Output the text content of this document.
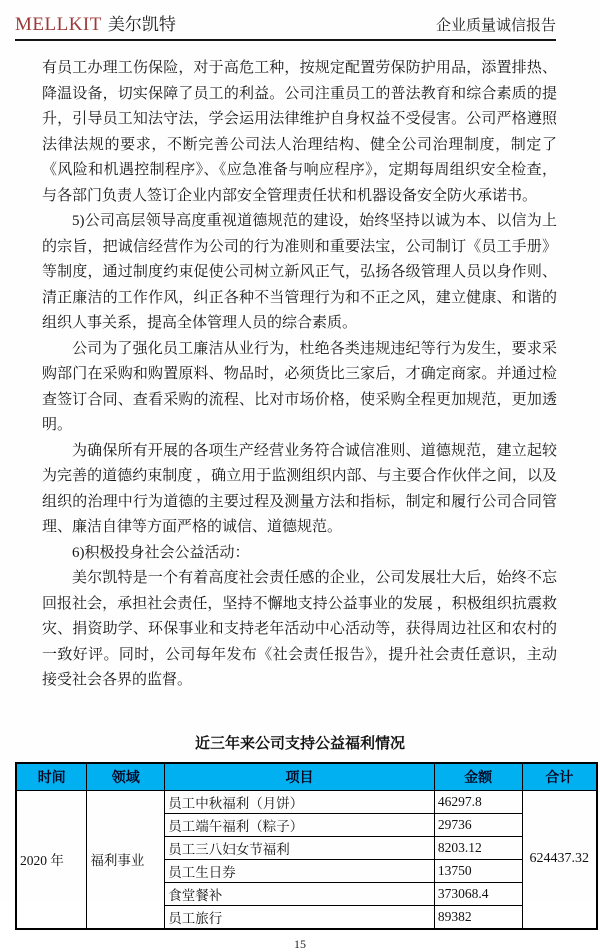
MELLKIT 美尔凯特	企业质量诚信报告

有员工办理工伤保险，对于高危工种，按规定配置劳保防护用品，添置排热、降温设备，切实保障了员工的利益。公司注重员工的普法教育和综合素质的提升，引导员工知法守法，学会运用法律维护自身权益不受侵害。公司严格遵照法律法规的要求，不断完善公司法人治理结构、健全公司治理制度，制定了《风险和机遇控制程序》、《应急准备与响应程序》，定期每周组织安全检查，与各部门负责人签订企业内部安全管理责任状和机器设备安全防火承诺书。

5)公司高层领导高度重视道德规范的建设，始终坚持以诚为本、以信为上的宗旨，把诚信经营作为公司的行为准则和重要法宝，公司制订《员工手册》等制度，通过制度约束促使公司树立新风正气，弘扬各级管理人员以身作则、清正廉洁的工作作风，纠正各种不当管理行为和不正之风，建立健康、和谐的组织人事关系，提高全体管理人员的综合素质。

公司为了强化员工廉洁从业行为，杜绝各类违规违纪等行为发生，要求采购部门在采购和购置原料、物品时，必须货比三家后，才确定商家。并通过检查签订合同、查看采购的流程、比对市场价格，使采购全程更加规范，更加透明。

为确保所有开展的各项生产经营业务符合诚信准则、道德规范，建立起较为完善的道德约束制度 ，确立用于监测组织内部、与主要合作伙伴之间，以及组织的治理中行为道德的主要过程及测量方法和指标，制定和履行公司合同管理、廉洁自律等方面严格的诚信、道德规范。

6)积极投身社会公益活动：

美尔凯特是一个有着高度社会责任感的企业，公司发展壮大后，始终不忘回报社会，承担社会责任，坚持不懈地支持公益事业的发展 ，积极组织抗震救灾、捐资助学、环保事业和支持老年活动中心活动等，获得周边社区和农村的一致好评。同时，公司每年发布《社会责任报告》，提升社会责任意识，主动接受社会各界的监督。

近三年来公司支持公益福利情况
时间	领域	项目	金额	合计
2020 年	福利事业	员工中秋福利（月饼）	46297.8	624437.32
		员工端午福利（粽子）	29736	
		员工三八妇女节福利	8203.12	
		员工生日券	13750	
		食堂餐补	373068.4	
		员工旅行	89382	
15
